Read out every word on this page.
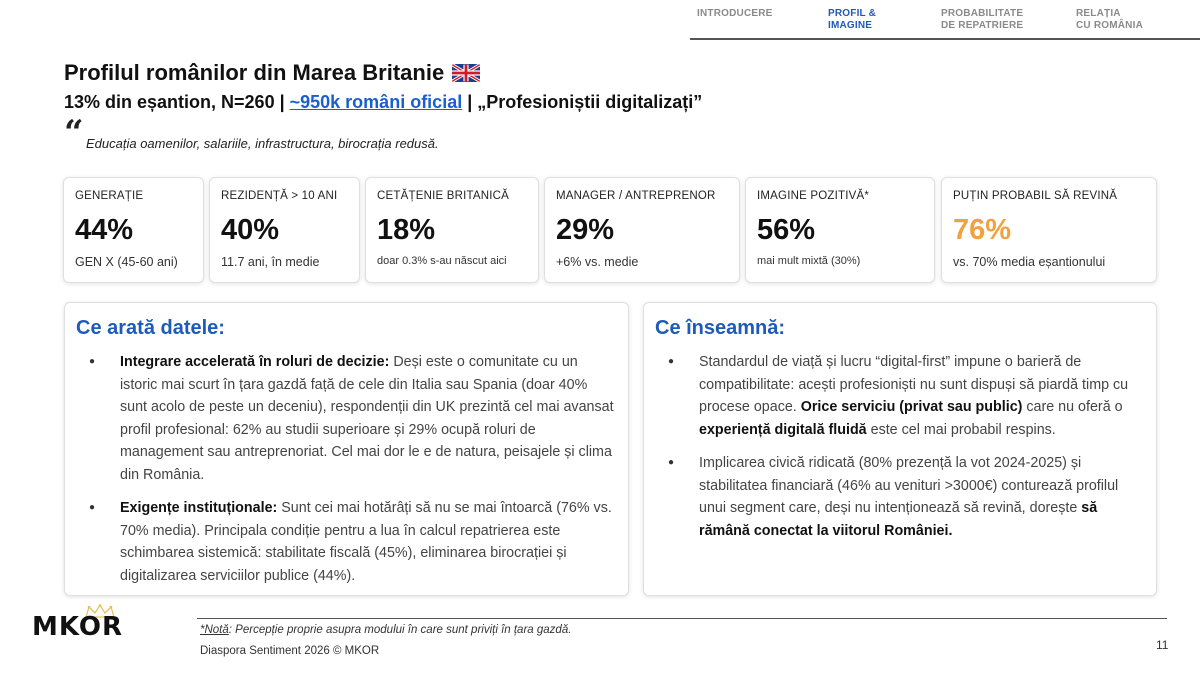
INTRODUCERE	PROFIL &
IMAGINE
PROBABILITATE
DE REPATRIERE
RELAȚIA
CU ROMÂNIA
Profilul românilor din Marea Britanie
13% din eșantion, N=260 | ~950k români oficial | „Profesioniștii digitalizați”
“ Educația oamenilor, salariile, infrastructura, birocrația redusă.
GENERAȚIE
44%
GEN X (45-60 ani)
REZIDENȚĂ > 10 ANI
40%
11.7 ani, în medie
CETĂȚENIE BRITANICĂ
18%
doar 0.3% s-au născut aici
MANAGER / ANTREPRENOR
29%
+6% vs. medie
IMAGINE POZITIVĂ*
56%
mai mult mixtă (30%)
PUȚIN PROBABIL SĂ REVINĂ
76%
vs. 70% media eșantionului
Ce arată datele:
● Integrare accelerată în roluri de decizie: Deși este o comunitate cu un istoric mai scurt în țara gazdă față de cele din Italia sau Spania (doar 40% sunt acolo de peste un deceniu), respondenții din UK prezintă cel mai avansat profil profesional: 62% au studii superioare și 29% ocupă roluri de management sau antreprenoriat. Cel mai dor le e de natura, peisajele și clima din România.
● Exigențe instituționale: Sunt cei mai hotărâți să nu se mai întoarcă (76% vs. 70% media). Principala condiție pentru a lua în calcul repatrierea este schimbarea sistemică: stabilitate fiscală (45%), eliminarea birocrației și digitalizarea serviciilor publice (44%).
Ce înseamnă:
● Standardul de viață și lucru “digital-first” impune o barieră de compatibilitate: acești profesioniști nu sunt dispuși să piardă timp cu procese opace. Orice serviciu (privat sau public) care nu oferă o experiență digitală fluidă este cel mai probabil respins.
● Implicarea civică ridicată (80% prezență la vot 2024-2025) și stabilitatea financiară (46% au venituri >3000€) conturează profilul unui segment care, deși nu intenționează să revină, dorește să rămână conectat la viitorul României.
MKOR	*Notă: Percepție proprie asupra modului în care sunt priviți în țara gazdă.
Diaspora Sentiment 2026 © MKOR	11
